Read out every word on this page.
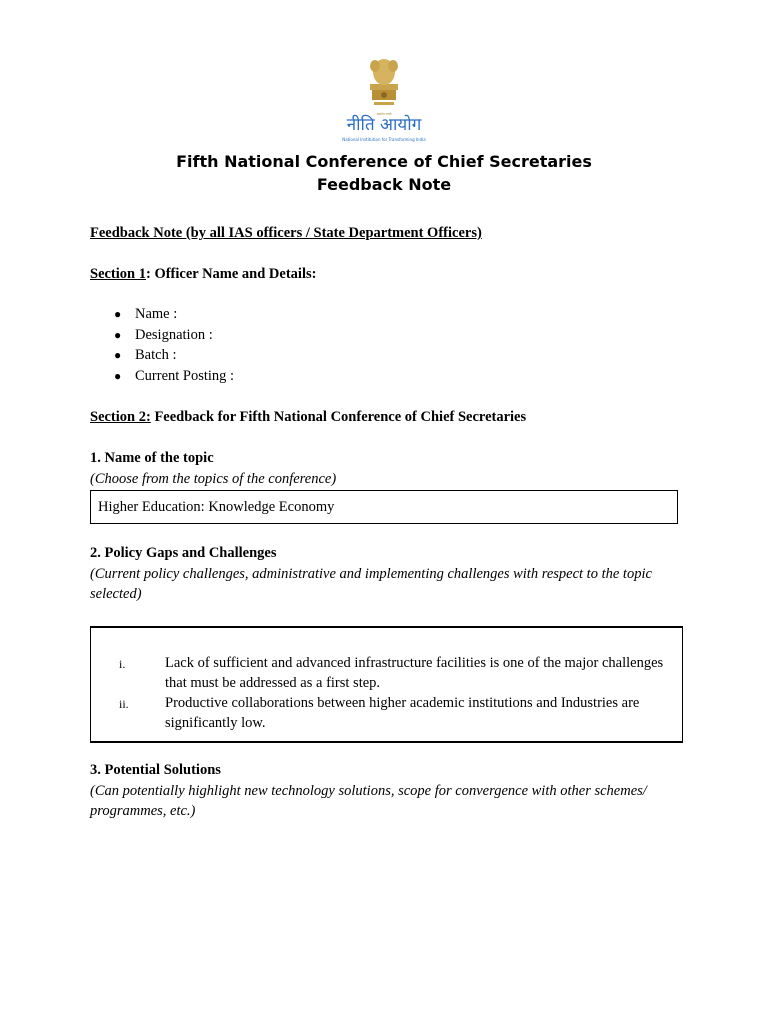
सत्यमेव जयते
नीति आयोग
National Institution for Transforming India
Fifth National Conference of Chief Secretaries
Feedback Note
Feedback Note (by all IAS officers / State Department Officers)
Section 1: Officer Name and Details:
● Name :
● Designation :
● Batch :
● Current Posting :
Section 2: Feedback for Fifth National Conference of Chief Secretaries
1. Name of the topic
(Choose from the topics of the conference)
Higher Education: Knowledge Economy
2. Policy Gaps and Challenges
(Current policy challenges, administrative and implementing challenges with respect to the topic selected)
i.	Lack of sufficient and advanced infrastructure facilities is one of the major challenges that must be addressed as a first step.
ii.	Productive collaborations between higher academic institutions and Industries are significantly low.
3. Potential Solutions
(Can potentially highlight new technology solutions, scope for convergence with other schemes/ programmes, etc.)
